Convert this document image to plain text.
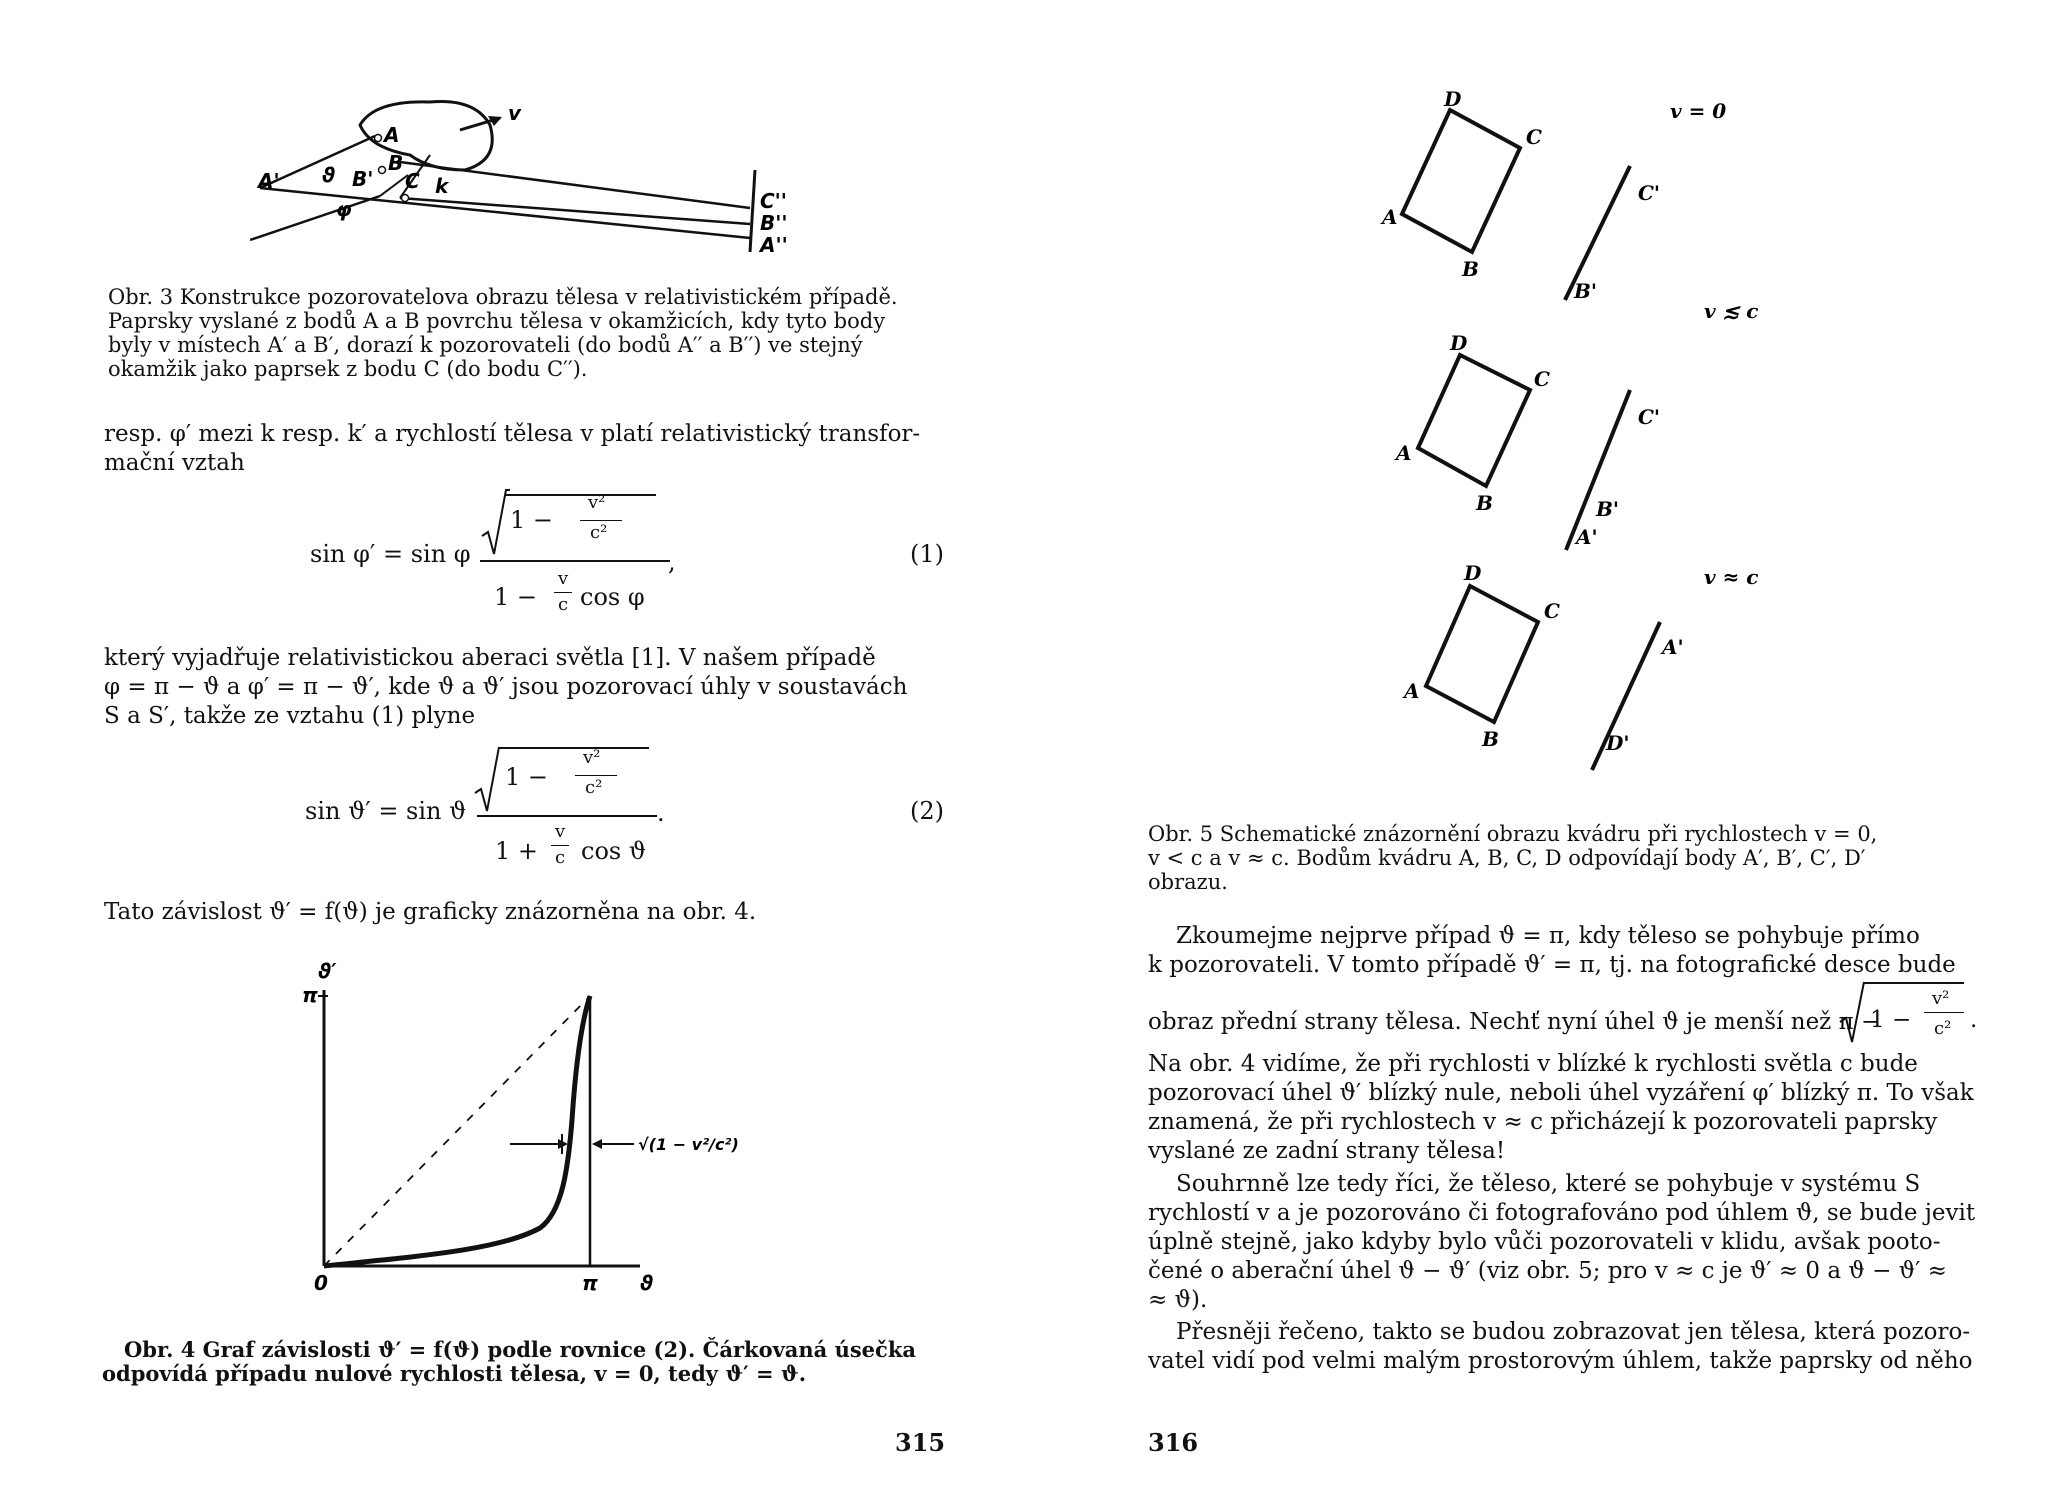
A' ϑ B'
φ
A
B
C k
v
C''
B''
A''
Obr. 3 Konstrukce pozorovatelova obrazu tělesa v relativistickém případě.
Paprsky vyslané z bodů A a B povrchu tělesa v okamžicích, kdy tyto body
byly v místech A′ a B′, dorazí k pozorovateli (do bodů A′′ a B′′) ve stejný
okamžik jako paprsek z bodu C (do bodu C′′).
resp. φ′ mezi k resp. k′ a rychlostí tělesa v platí relativistický transfor-
mační vztah
sin φ′ = sin φ
1 −
v²
c²
,
1 −
v
c cos φ
(1)
který vyjadřuje relativistickou aberaci světla [1]. V našem případě
φ = π − ϑ a φ′ = π − ϑ′, kde ϑ a ϑ′ jsou pozorovací úhly v soustavách
S a S′, takže ze vztahu (1) plyne
sin ϑ′ = sin ϑ
1 −
v²
c²
.
1 +
v
c cos ϑ
(2)
Tato závislost ϑ′ = f(ϑ) je graficky znázorněna na obr. 4.
ϑ′
π
0	π ϑ
√(1 − v²/c²)
Obr. 4 Graf závislosti ϑ′ = f(ϑ) podle rovnice (2). Čárkovaná úsečka
odpovídá případu nulové rychlosti tělesa, v = 0, tedy ϑ′ = ϑ.
315
D
C
A
B
C'
B'
D
C
A
B
C'
B'
A'
D
C
A
B
A'
D'
v = 0
v ≲ c
v ≈ c
Obr. 5 Schematické znázornění obrazu kvádru při rychlostech v = 0,
v < c a v ≈ c. Bodům kvádru A, B, C, D odpovídají body A′, B′, C′, D′
obrazu.
Zkoumejme nejprve případ ϑ = π, kdy těleso se pohybuje přímo
k pozorovateli. V tomto případě ϑ′ = π, tj. na fotografické desce bude
obraz přední strany tělesa. Nechť nyní úhel ϑ je menší než π −
1 −
v²
c² .
Na obr. 4 vidíme, že při rychlosti v blízké k rychlosti světla c bude
pozorovací úhel ϑ′ blízký nule, neboli úhel vyzáření φ′ blízký π. To však
znamená, že při rychlostech v ≈ c přicházejí k pozorovateli paprsky
vyslané ze zadní strany tělesa!
Souhrnně lze tedy říci, že těleso, které se pohybuje v systému S
rychlostí v a je pozorováno či fotografováno pod úhlem ϑ, se bude jevit
úplně stejně, jako kdyby bylo vůči pozorovateli v klidu, avšak pooto-
čené o aberační úhel ϑ − ϑ′ (viz obr. 5; pro v ≈ c je ϑ′ ≈ 0 a ϑ − ϑ′ ≈
≈ ϑ).
Přesněji řečeno, takto se budou zobrazovat jen tělesa, která pozoro-
vatel vidí pod velmi malým prostorovým úhlem, takže paprsky od něho
316
